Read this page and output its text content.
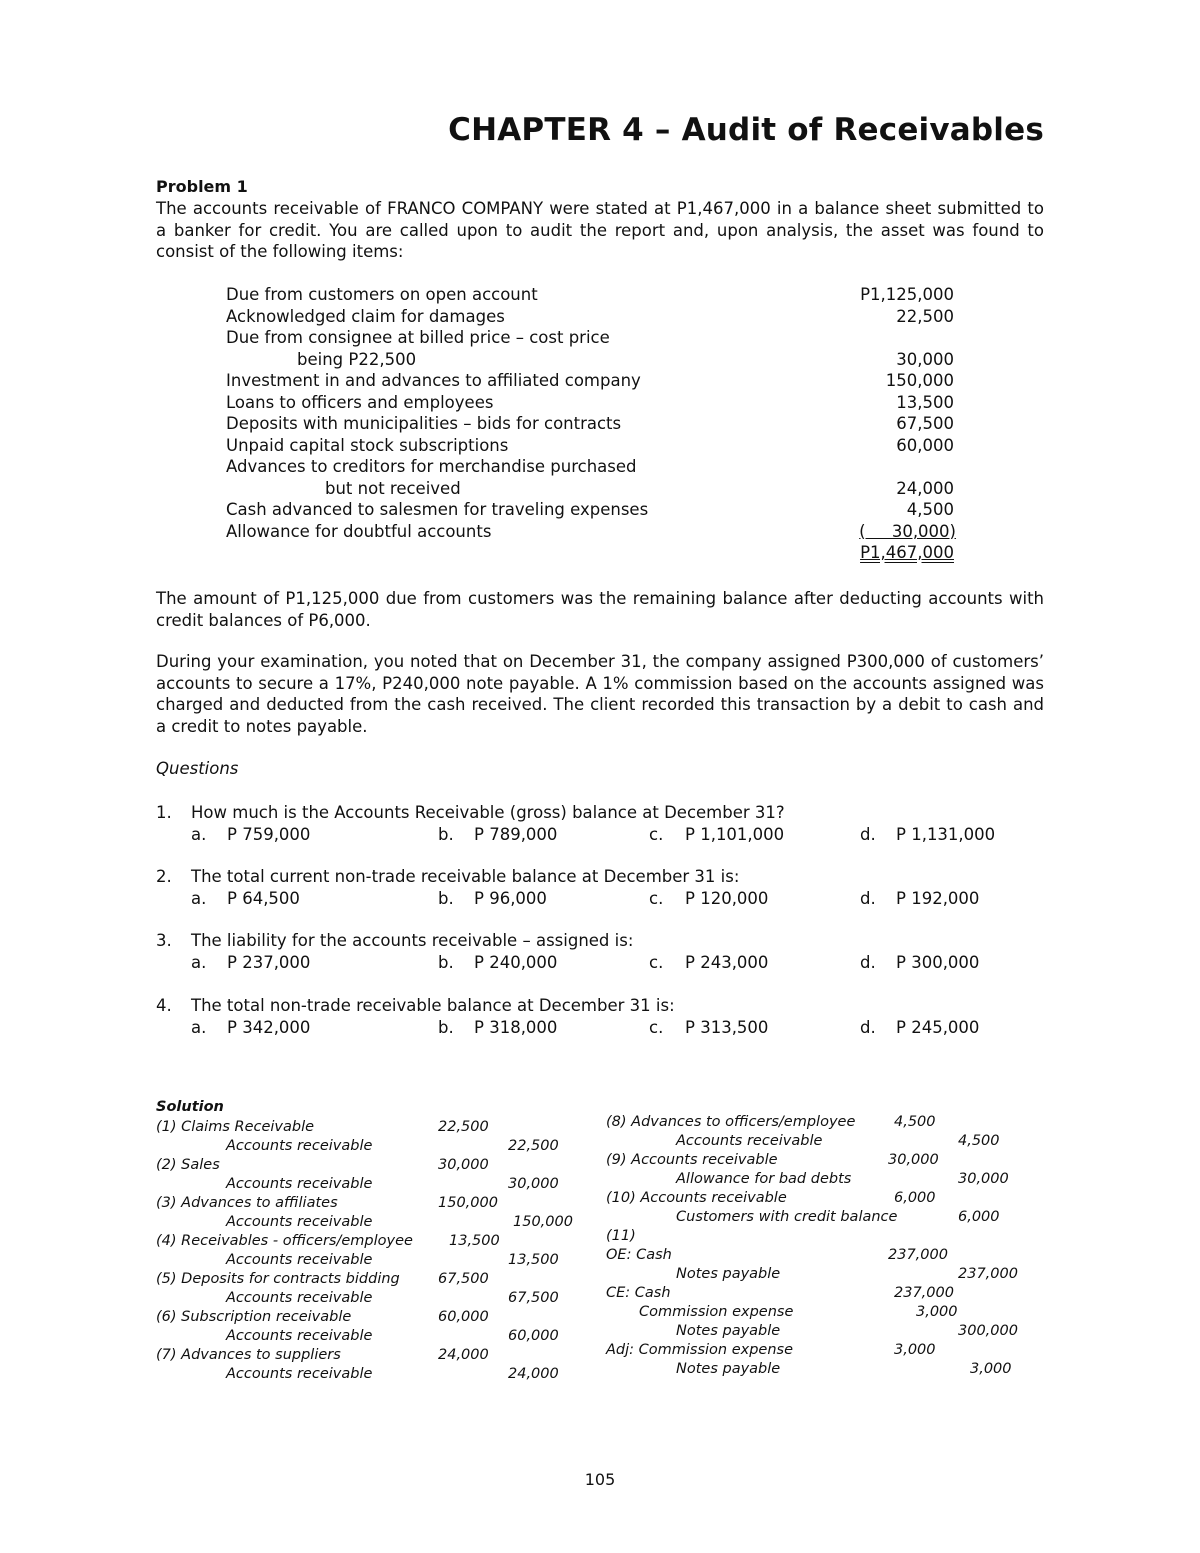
CHAPTER 4 – Audit of Receivables
Problem 1

The accounts receivable of FRANCO COMPANY were stated at P1,467,000 in a balance sheet submitted to a banker for credit. You are called upon to audit the report and, upon analysis, the asset was found to consist of the following items:

Due from customers on open account	P1,125,000
Acknowledged claim for damages	22,500
Due from consignee at billed price – cost price
being P22,500	30,000
Investment in and advances to affiliated company	150,000
Loans to officers and employees	13,500
Deposits with municipalities – bids for contracts	67,500
Unpaid capital stock subscriptions	60,000
Advances to creditors for merchandise purchased
but not received	24,000
Cash advanced to salesmen for traveling expenses	4,500
Allowance for doubtful accounts	(     30,000)
P1,467,000

The amount of P1,125,000 due from customers was the remaining balance after deducting accounts with credit balances of P6,000.

During your examination, you noted that on December 31, the company assigned P300,000 of customers’ accounts to secure a 17%, P240,000 note payable. A 1% commission based on the accounts assigned was charged and deducted from the cash received. The client recorded this transaction by a debit to cash and a credit to notes payable.

Questions

1. How much is the Accounts Receivable (gross) balance at December 31?
a. P 759,000	b. P 789,000	c. P 1,101,000	d. P 1,131,000
2. The total current non-trade receivable balance at December 31 is:
a. P 64,500	b. P 96,000	c. P 120,000	d. P 192,000
3. The liability for the accounts receivable – assigned is:
a. P 237,000	b. P 240,000	c. P 243,000	d. P 300,000
4. The total non-trade receivable balance at December 31 is:
a. P 342,000	b. P 318,000	c. P 313,500	d. P 245,000

Solution

(1) Claims Receivable	22,500
Accounts receivable	22,500
(2) Sales	30,000
Accounts receivable	30,000
(3) Advances to affiliates	150,000
Accounts receivable	150,000
(4) Receivables - officers/employee 13,500
Accounts receivable	13,500
(5) Deposits for contracts bidding	67,500
Accounts receivable	67,500
(6) Subscription receivable	60,000
Accounts receivable	60,000
(7) Advances to suppliers	24,000
Accounts receivable	24,000
(8) Advances to officers/employee	4,500
Accounts receivable	4,500
(9) Accounts receivable	30,000
Allowance for bad debts	30,000
(10) Accounts receivable	6,000
Customers with credit balance	6,000
(11)
OE: Cash	237,000
Notes payable	237,000
CE: Cash	237,000
Commission expense	3,000
Notes payable	300,000
Adj: Commission expense	3,000
Notes payable	3,000
105
